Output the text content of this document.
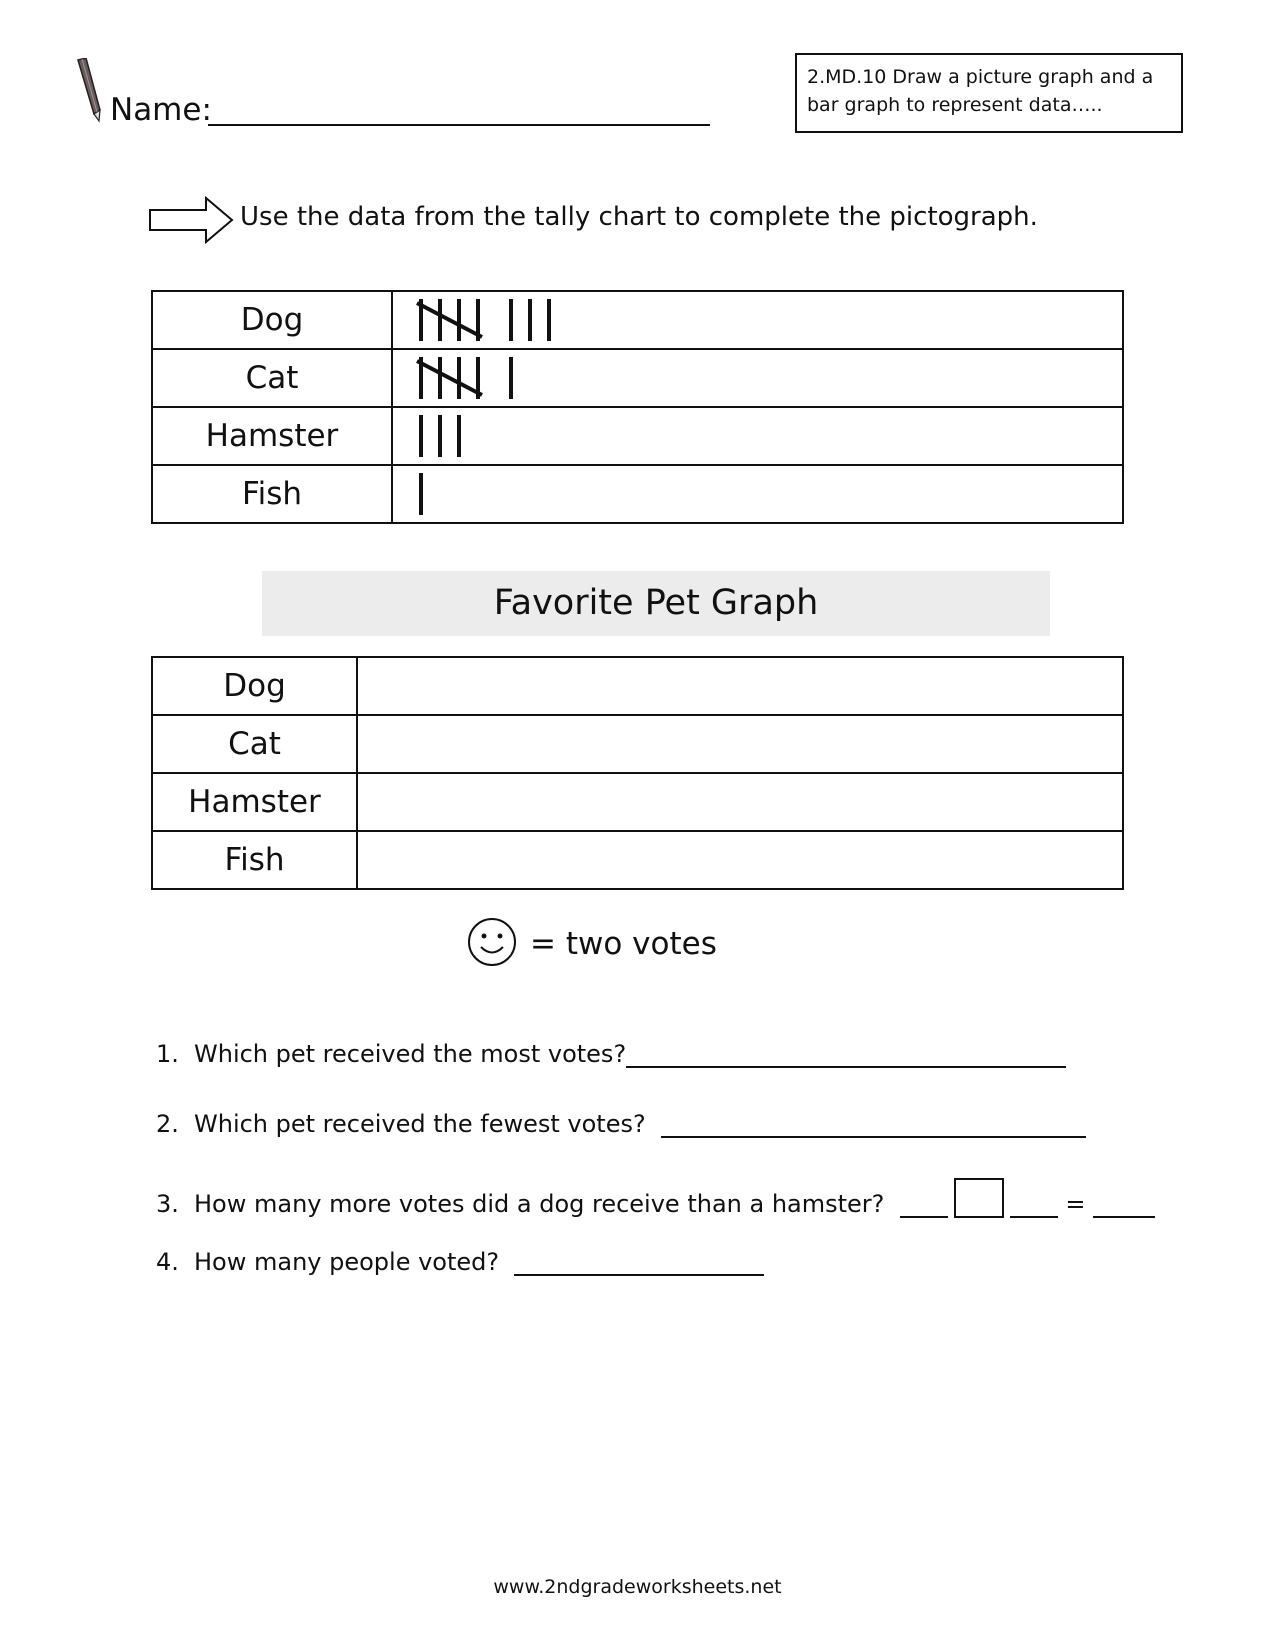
Name:
2.MD.10 Draw a picture graph and a bar graph to represent data…..
Use the data from the tally chart to complete the pictograph.
Dog	

Cat	

Hamster	

Fish	
Favorite Pet Graph
Dog	
Cat	
Hamster	
Fish	
= two votes
1. Which pet received the most votes?
2. Which pet received the fewest votes?
3. How many more votes did a dog receive than a hamster?	=
4. How many people voted?
www.2ndgradeworksheets.net
